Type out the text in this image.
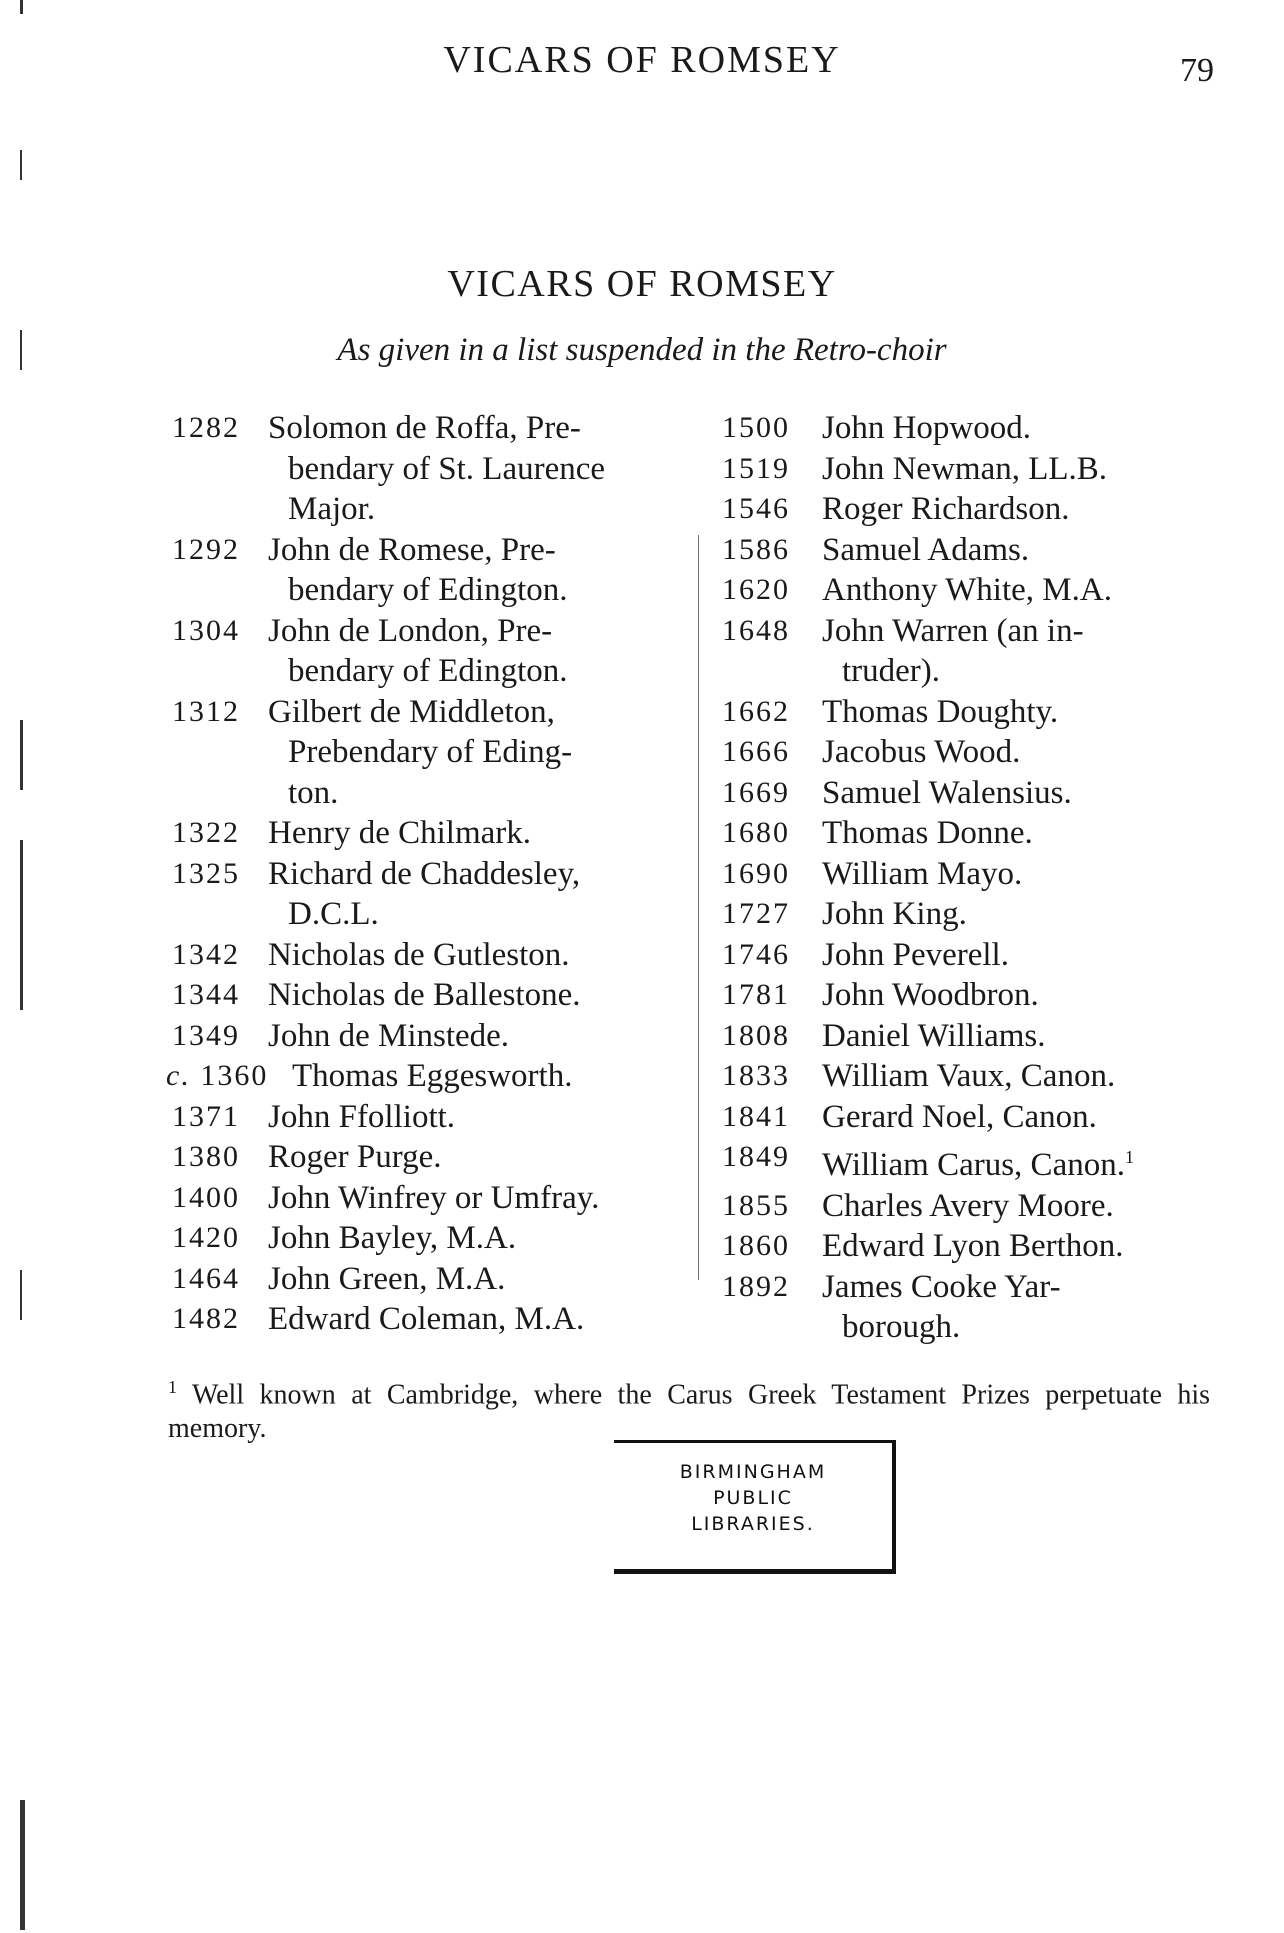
VICARS OF ROMSEY	79
VICARS OF ROMSEY
As given in a list suspended in the Retro-choir
1282 Solomon de Roffa, Pre-
bendary of St. Laurence
Major.
1292 John de Romese, Pre-
bendary of Edington.
1304 John de London, Pre-
bendary of Edington.
1312 Gilbert de Middleton,
Prebendary of Eding-
ton.
1322 Henry de Chilmark.
1325 Richard de Chaddesley,
D.C.L.
1342 Nicholas de Gutleston.
1344 Nicholas de Ballestone.
1349 John de Minstede.
c. 1360 Thomas Eggesworth.
1371 John Ffolliott.
1380 Roger Purge.
1400 John Winfrey or Umfray.
1420 John Bayley, M.A.
1464 John Green, M.A.
1482 Edward Coleman, M.A.
1500 John Hopwood.
1519 John Newman, LL.B.
1546 Roger Richardson.
1586 Samuel Adams.
1620 Anthony White, M.A.
1648 John Warren (an in-
truder).
1662 Thomas Doughty.
1666 Jacobus Wood.
1669 Samuel Walensius.
1680 Thomas Donne.
1690 William Mayo.
1727 John King.
1746 John Peverell.
1781 John Woodbron.
1808 Daniel Williams.
1833 William Vaux, Canon.
1841 Gerard Noel, Canon.
1849 William Carus, Canon.$^1$
1855 Charles Avery Moore.
1860 Edward Lyon Berthon.
1892 James Cooke Yar-
borough.
$^1$ Well known at Cambridge, where the Carus Greek Testament Prizes perpetuate his memory.
BIRMINGHAM
PUBLIC
LIBRARIES.
